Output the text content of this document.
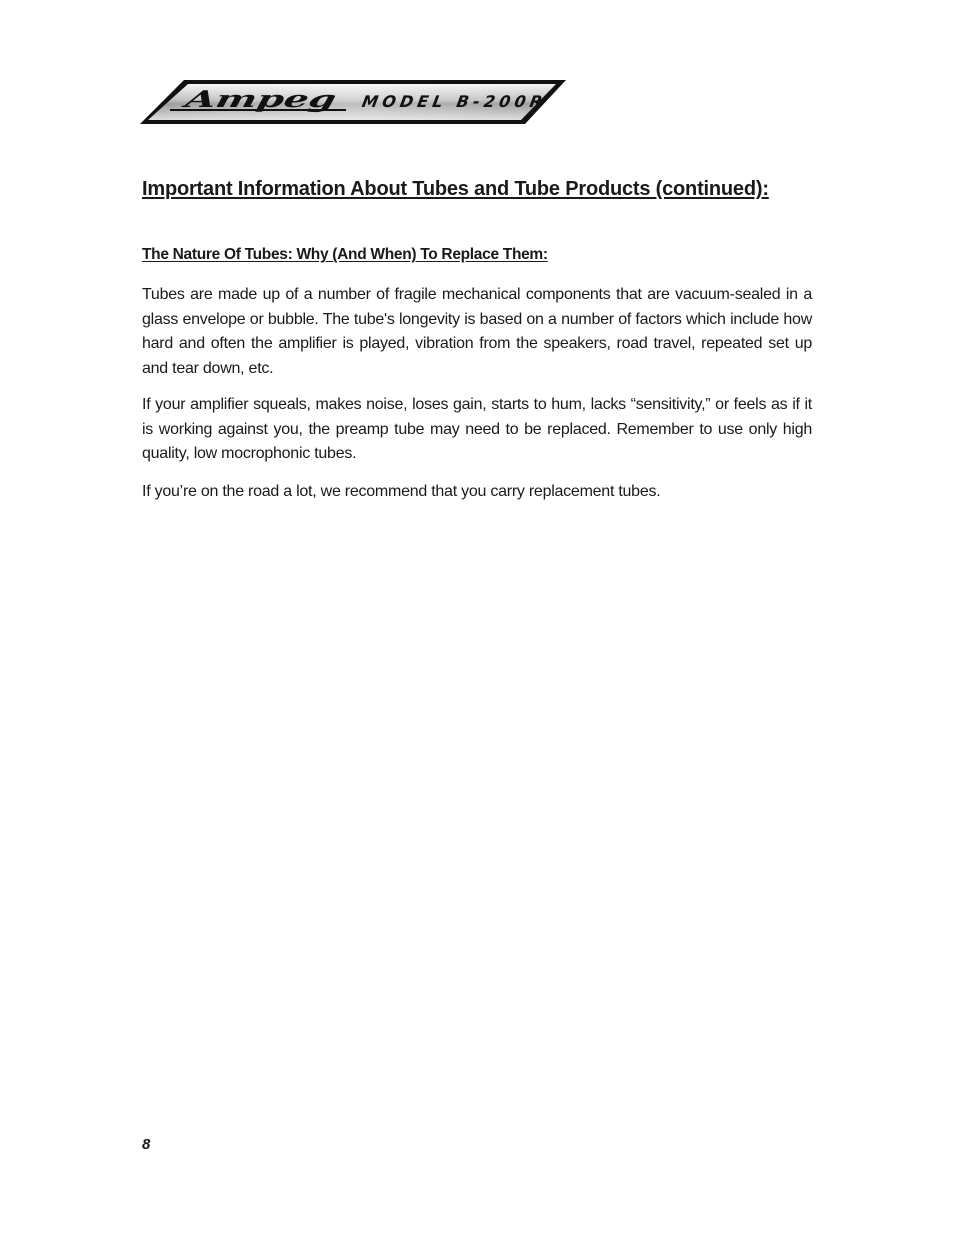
Ampeg	MODEL B-200R
Important Information About Tubes and Tube Products (continued):
The Nature Of Tubes: Why (And When) To Replace Them:

Tubes are made up of a number of fragile mechanical components that are vacuum-sealed in a glass envelope or bubble. The tube's longevity is based on a number of factors which include how hard and often the amplifier is played, vibration from the speakers, road travel, repeated set up and tear down, etc.

If your amplifier squeals, makes noise, loses gain, starts to hum, lacks “sensitivity,” or feels as if it is working against you, the preamp tube may need to be replaced. Remember to use only high quality, low mocrophonic tubes.

If you’re on the road a lot, we recommend that you carry replacement tubes.

8
